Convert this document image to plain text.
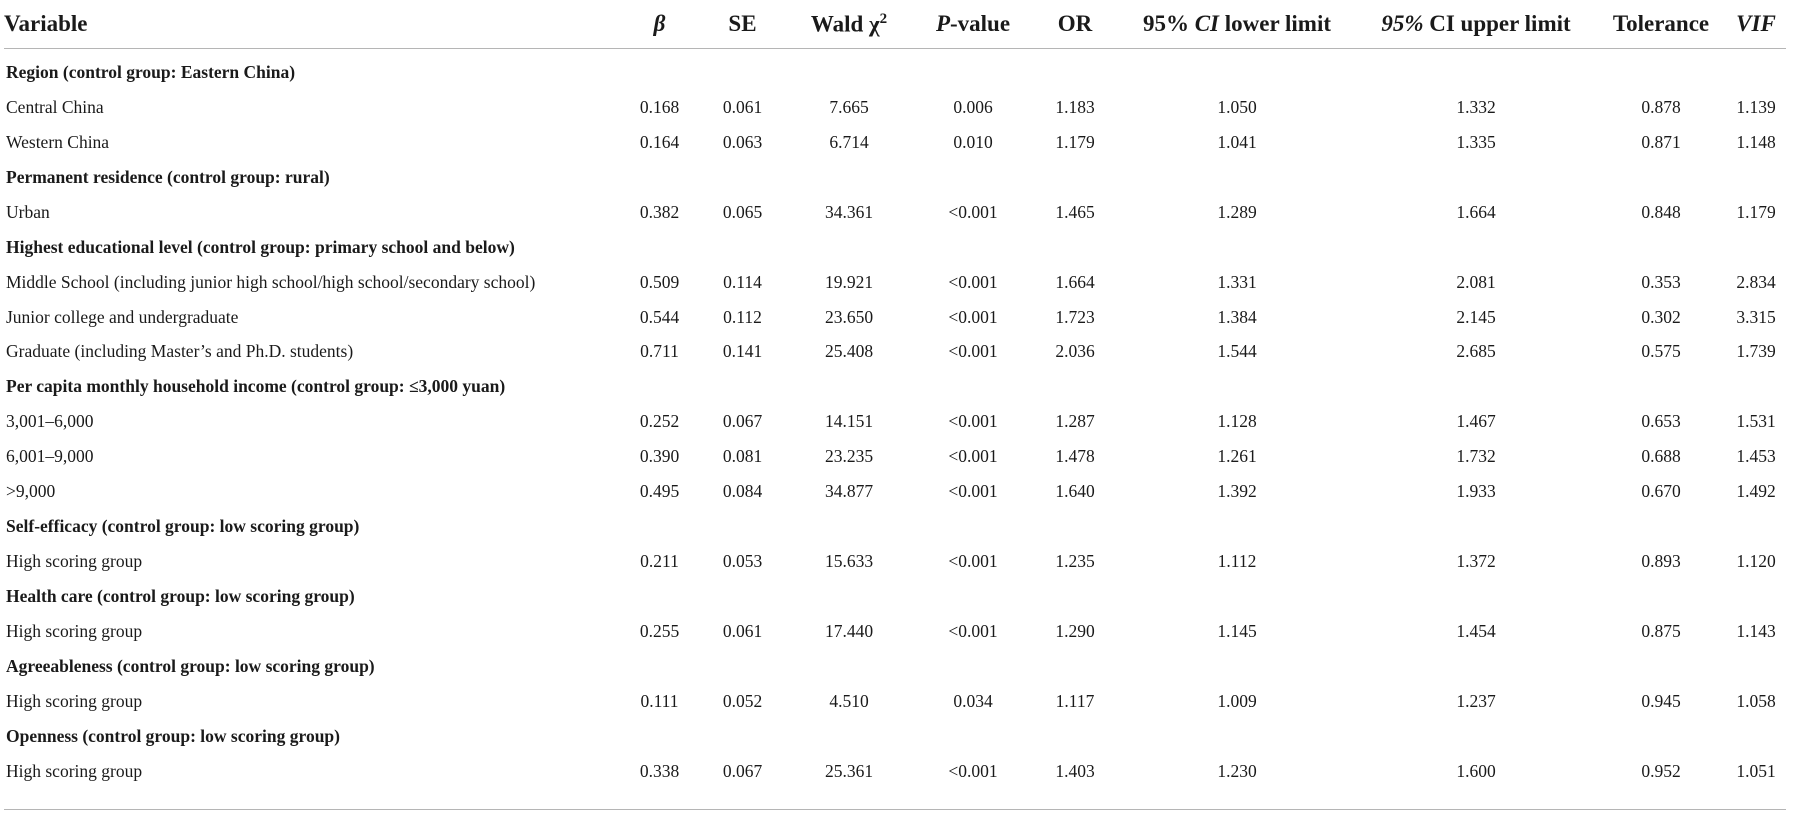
Variable	β	SE	Wald $\chi^2$	P-value	OR	95% CI lower limit	95% CI upper limit	Tolerance	VIF
Region (control group: Eastern China)									
Central China	0.168	0.061	7.665	0.006	1.183	1.050	1.332	0.878	1.139
Western China	0.164	0.063	6.714	0.010	1.179	1.041	1.335	0.871	1.148
Permanent residence (control group: rural)									
Urban	0.382	0.065	34.361	<0.001	1.465	1.289	1.664	0.848	1.179
Highest educational level (control group: primary school and below)									
Middle School (including junior high school/high school/secondary school)	0.509	0.114	19.921	<0.001	1.664	1.331	2.081	0.353	2.834
Junior college and undergraduate	0.544	0.112	23.650	<0.001	1.723	1.384	2.145	0.302	3.315
Graduate (including Master’s and Ph.D. students)	0.711	0.141	25.408	<0.001	2.036	1.544	2.685	0.575	1.739
Per capita monthly household income (control group: ≤3,000 yuan)									
3,001–6,000	0.252	0.067	14.151	<0.001	1.287	1.128	1.467	0.653	1.531
6,001–9,000	0.390	0.081	23.235	<0.001	1.478	1.261	1.732	0.688	1.453
>9,000	0.495	0.084	34.877	<0.001	1.640	1.392	1.933	0.670	1.492
Self-efficacy (control group: low scoring group)									
High scoring group	0.211	0.053	15.633	<0.001	1.235	1.112	1.372	0.893	1.120
Health care (control group: low scoring group)									
High scoring group	0.255	0.061	17.440	<0.001	1.290	1.145	1.454	0.875	1.143
Agreeableness (control group: low scoring group)									
High scoring group	0.111	0.052	4.510	0.034	1.117	1.009	1.237	0.945	1.058
Openness (control group: low scoring group)									
High scoring group	0.338	0.067	25.361	<0.001	1.403	1.230	1.600	0.952	1.051
